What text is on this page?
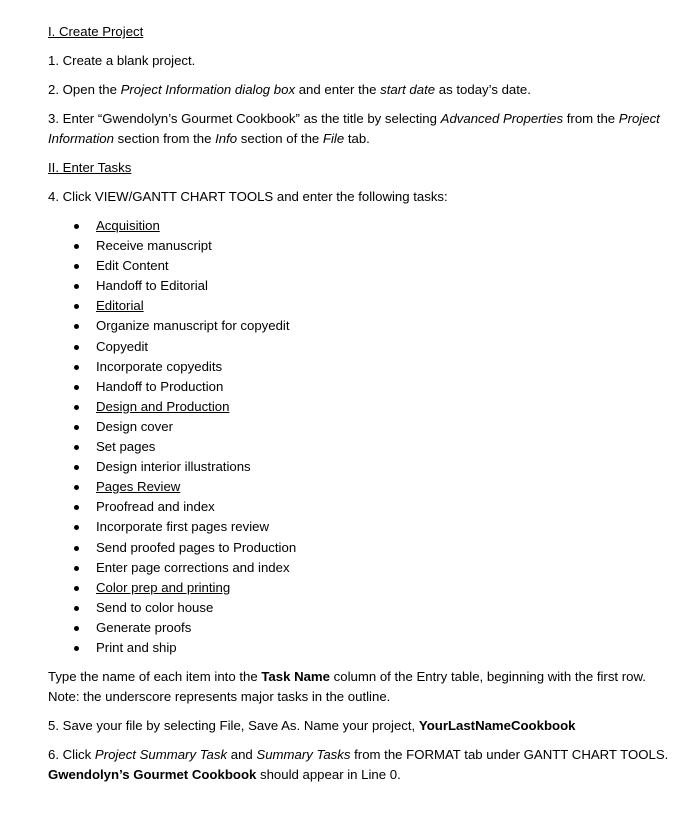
I. Create Project

1. Create a blank project.

2. Open the Project Information dialog box and enter the start date as today’s date.

3. Enter “Gwendolyn’s Gourmet Cookbook” as the title by selecting Advanced Properties from the Project Information section from the Info section of the File tab.

II. Enter Tasks

4. Click VIEW/GANTT CHART TOOLS and enter the following tasks:

Acquisition
Receive manuscript
Edit Content
Handoff to Editorial
Editorial
Organize manuscript for copyedit
Copyedit
Incorporate copyedits
Handoff to Production
Design and Production
Design cover
Set pages
Design interior illustrations
Pages Review
Proofread and index
Incorporate first pages review
Send proofed pages to Production
Enter page corrections and index
Color prep and printing
Send to color house
Generate proofs
Print and ship

Type the name of each item into the Task Name column of the Entry table, beginning with the first row.
Note: the underscore represents major tasks in the outline.

5. Save your file by selecting File, Save As. Name your project, YourLastNameCookbook

6. Click Project Summary Task and Summary Tasks from the FORMAT tab under GANTT CHART TOOLS.
Gwendolyn’s Gourmet Cookbook should appear in Line 0.
